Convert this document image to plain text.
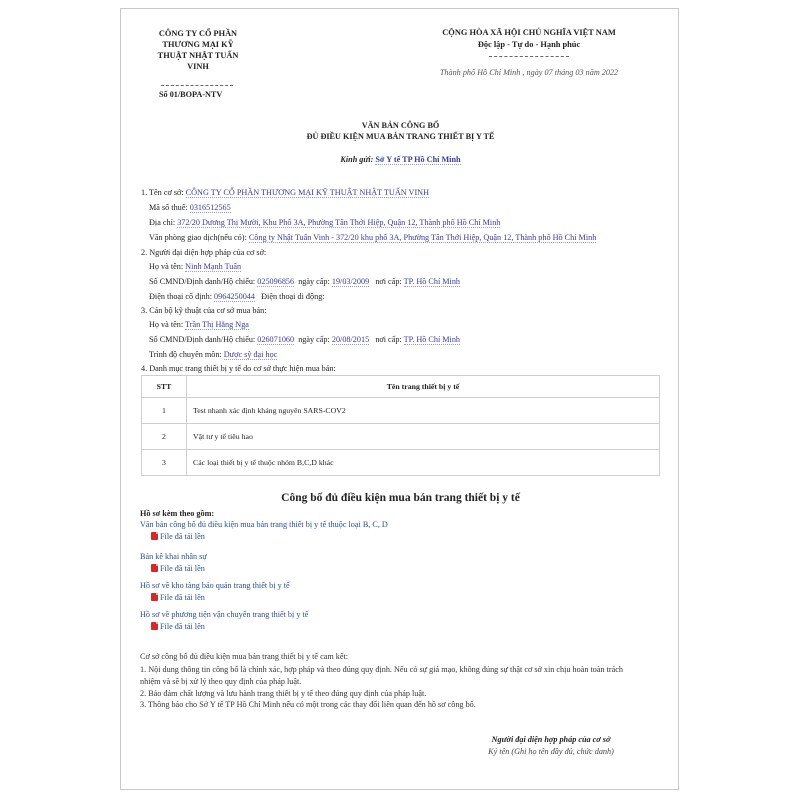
CÔNG TY CỔ PHẦN THƯƠNG MẠI KỸ THUẬT NHẬT TUẤN VINH
Số 01/BOPA-NTV
CỘNG HÒA XÃ HỘI CHỦ NGHĨA VIỆT NAM
Độc lập - Tự do - Hạnh phúc
Thành phố Hồ Chí Minh , ngày 07 tháng 03 năm 2022
VĂN BẢN CÔNG BỐ
ĐỦ ĐIỀU KIỆN MUA BÁN TRANG THIẾT BỊ Y TẾ
Kính gửi: Sở Y tế TP Hồ Chí Minh
1. Tên cơ sở: CÔNG TY CỔ PHẦN THƯƠNG MẠI KỸ THUẬT NHẬT TUẤN VINH
Mã số thuế: 0316512565
Địa chỉ: 372/20 Dương Thị Mười, Khu Phố 3A, Phường Tân Thới Hiệp, Quận 12, Thành phố Hồ Chí Minh
Văn phòng giao dịch(nếu có): Công ty Nhật Tuấn Vinh - 372/20 khu phố 3A, Phường Tân Thới Hiệp, Quận 12, Thành phố Hồ Chí Minh
2. Người đại diện hợp pháp của cơ sở:
Họ và tên: Ninh Mạnh Tuấn
Số CMND/Định danh/Hộ chiếu: 025096856 ngày cấp: 19/03/2009 nơi cấp: TP. Hồ Chí Minh
Điện thoại cố định: 0964250044 Điện thoại di động:
3. Cán bộ kỹ thuật của cơ sở mua bán:
Họ và tên: Trần Thị Hằng Nga
Số CMND/Định danh/Hộ chiếu: 026071060 ngày cấp: 20/08/2015 nơi cấp: TP. Hồ Chí Minh
Trình độ chuyên môn: Dược sỹ đại học
4. Danh mục trang thiết bị y tế do cơ sở thực hiện mua bán:
STT	Tên trang thiết bị y tế
1	Test nhanh xác định kháng nguyên SARS-COV2
2	Vật tư y tế tiêu hao
3	Các loại thiết bị y tế thuộc nhóm B,C,D khác
Công bố đủ điều kiện mua bán trang thiết bị y tế
Hồ sơ kèm theo gồm:
Văn bản công bố đủ điều kiện mua bán trang thiết bị y tế thuộc loại B, C, D
File đã tải lên
Bản kê khai nhân sự
File đã tải lên
Hồ sơ về kho tàng bảo quản trang thiết bị y tế
File đã tải lên
Hồ sơ về phương tiện vận chuyển trang thiết bị y tế
File đã tải lên
Cơ sở công bố đủ điều kiện mua bán trang thiết bị y tế cam kết:
1. Nội dung thông tin công bố là chính xác, hợp pháp và theo đúng quy định. Nếu có sự giả mạo, không đúng sự thật cơ sở xin chịu hoàn toàn trách
nhiệm và sẽ bị xử lý theo quy định của pháp luật.
2. Bảo đảm chất lượng và lưu hành trang thiết bị y tế theo đúng quy định của pháp luật.
3. Thông báo cho Sở Y tế TP Hồ Chí Minh nếu có một trong các thay đổi liên quan đến hồ sơ công bố.
Người đại diện hợp pháp của cơ sở
Ký tên (Ghi họ tên đầy đủ, chức danh)
